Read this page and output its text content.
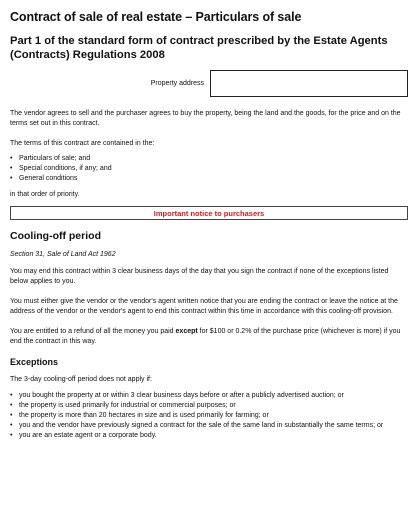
Contract of sale of real estate – Particulars of sale
Part 1 of the standard form of contract prescribed by the Estate Agents (Contracts) Regulations 2008
Property address

The vendor agrees to sell and the purchaser agrees to buy the property, being the land and the goods, for the price and on the terms set out in this contract.

The terms of this contract are contained in the:

• Particulars of sale; and
• Special conditions, if any; and
• General conditions

in that order of priority.

Important notice to purchasers
Cooling-off period

Section 31, Sale of Land Act 1962

You may end this contract within 3 clear business days of the day that you sign the contract if none of the exceptions listed below applies to you.

You must either give the vendor or the vendor's agent written notice that you are ending the contract or leave the notice at the address of the vendor or the vendor's agent to end this contract within this time in accordance with this cooling-off provision.

You are entitled to a refund of all the money you paid except for $100 or 0.2% of the purchase price (whichever is more) if you end the contract in this way.

Exceptions

The 3-day cooling-off period does not apply if:

• you bought the property at or within 3 clear business days before or after a publicly advertised auction; or
• the property is used primarily for industrial or commercial purposes; or
• the property is more than 20 hectares in size and is used primarily for farming; or
• you and the vendor have previously signed a contract for the sale of the same land in substantially the same terms; or
• you are an estate agent or a corporate body.
